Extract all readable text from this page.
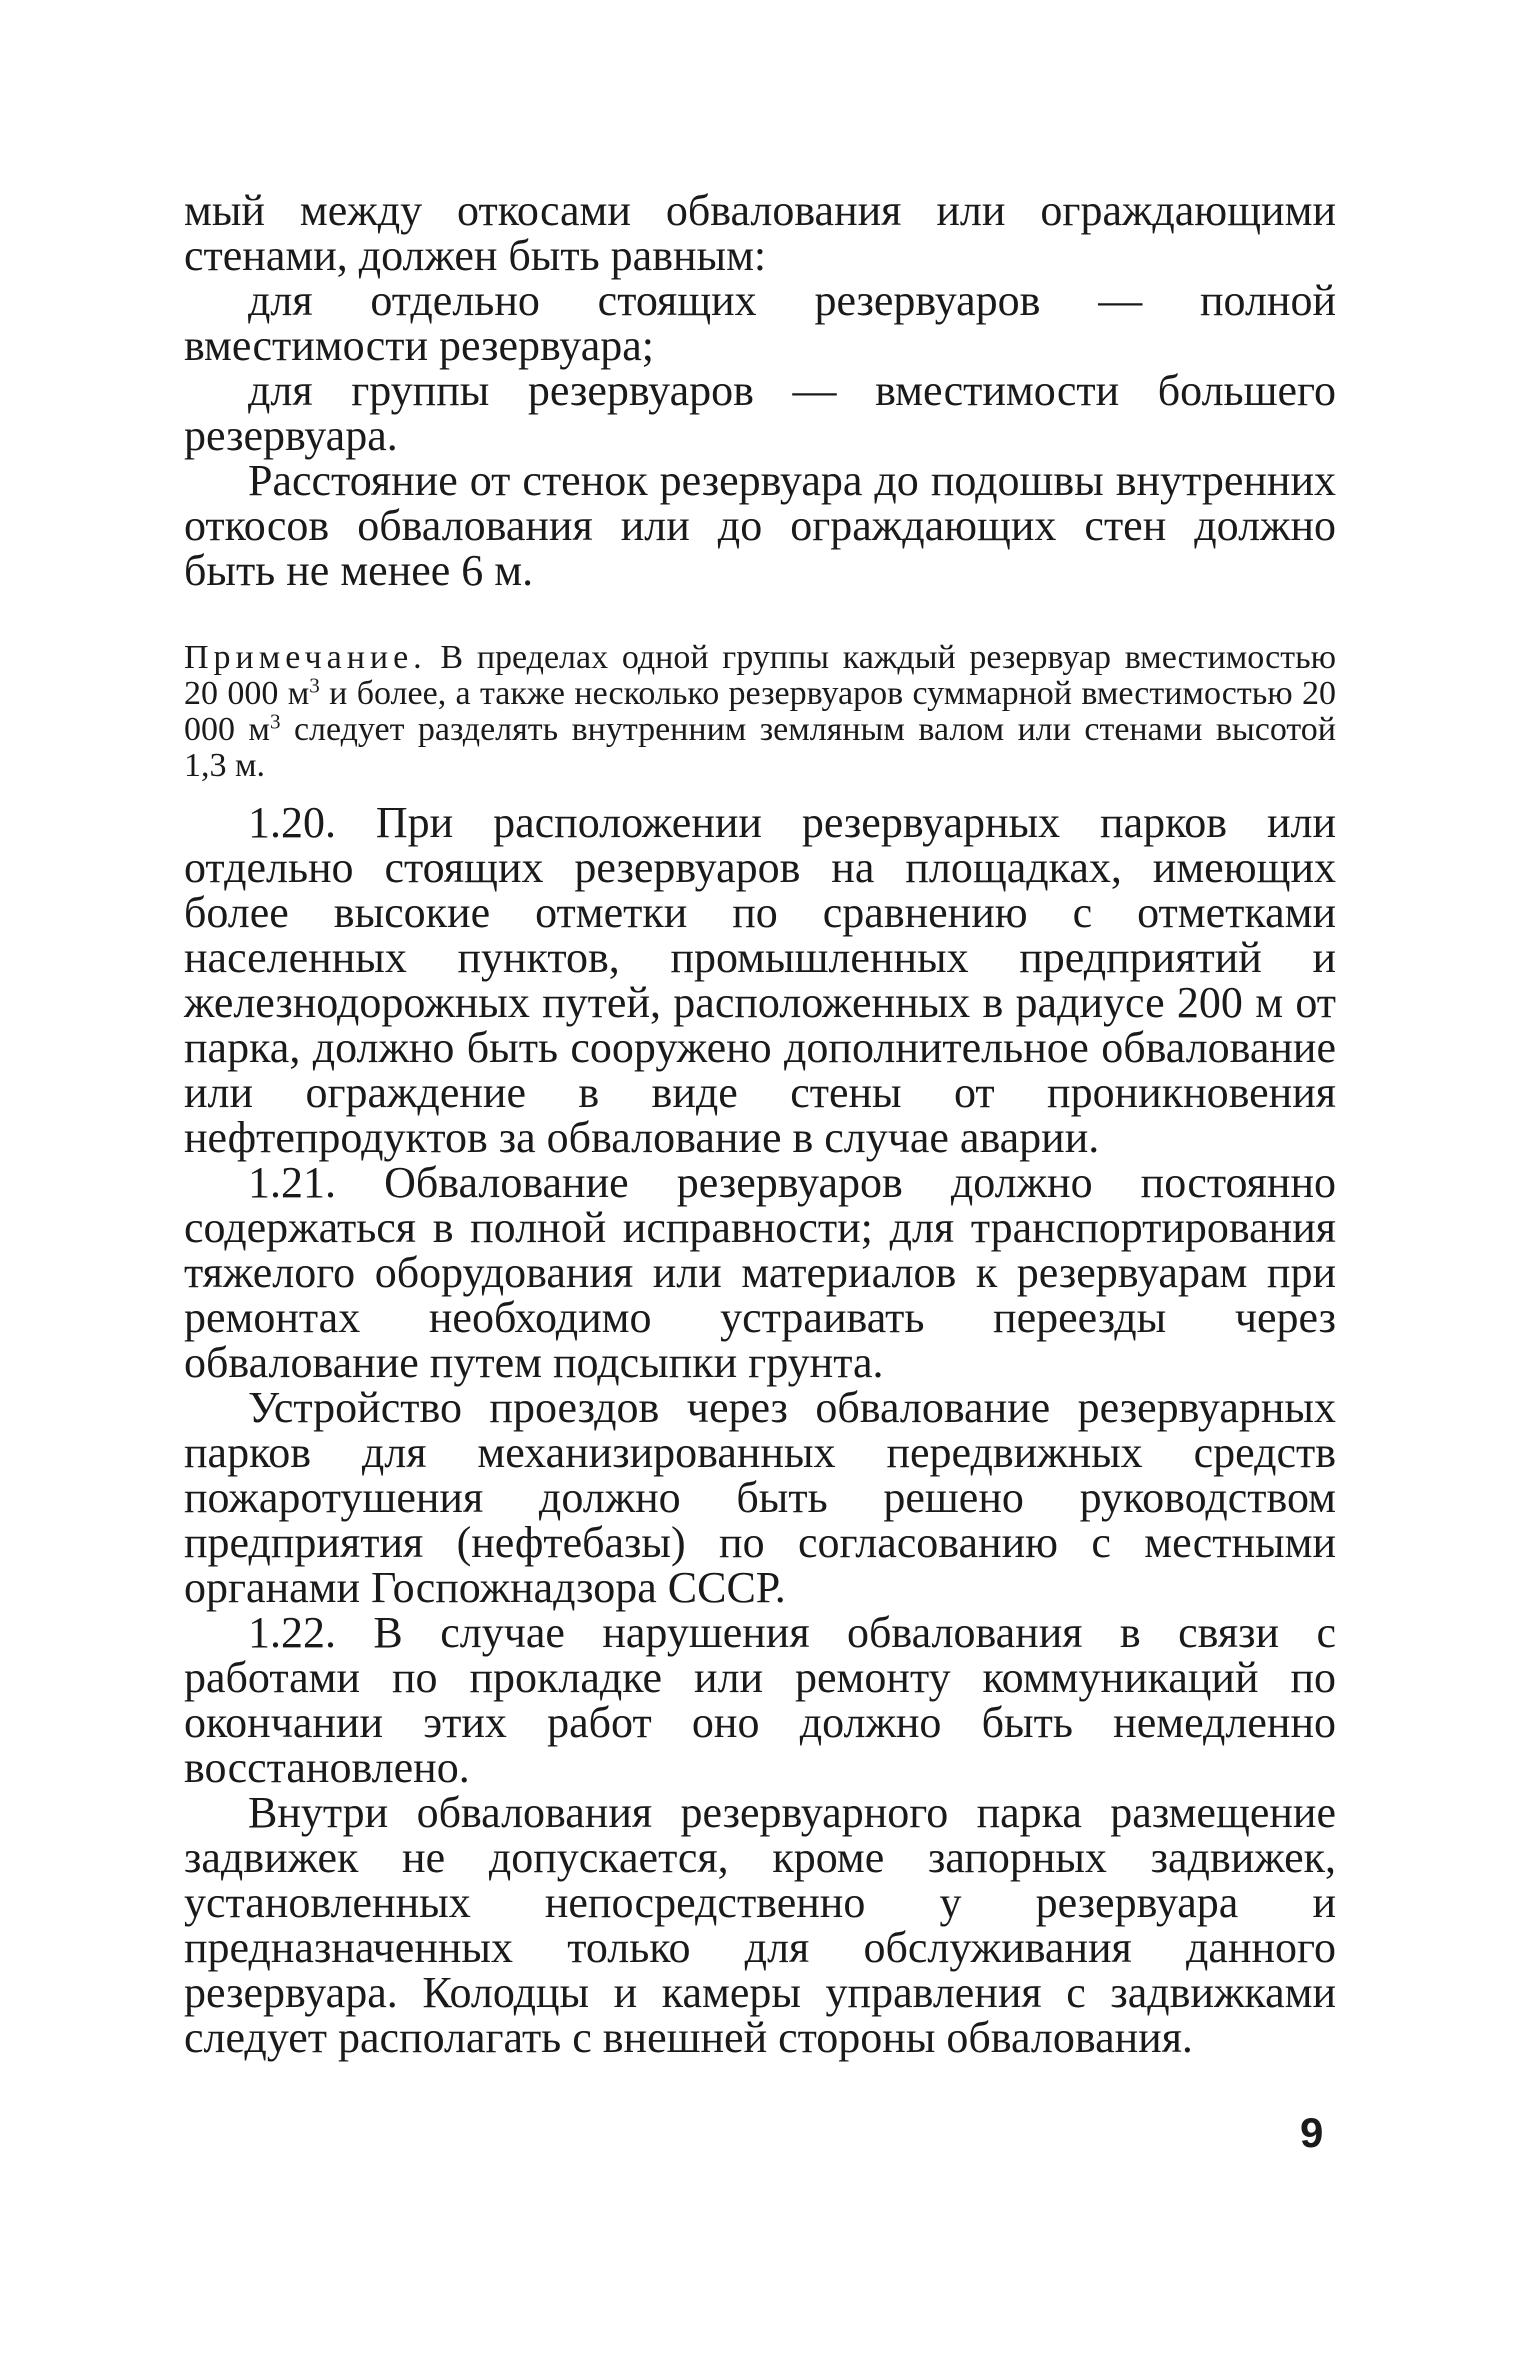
мый между откосами обвалования или ограждающими стенами, должен быть равным:

для отдельно стоящих резервуаров — полной вместимости резервуара;

для группы резервуаров — вместимости большего резервуара.

Расстояние от стенок резервуара до подошвы внутренних откосов обвалования или до ограждающих стен должно быть не менее 6 м.

Примечание. В пределах одной группы каждый резервуар вместимостью 20 000 $м^3$ и более, а также несколько резервуаров суммарной вместимостью 20 000 $м^3$ следует разделять внутренним земляным валом или стенами высотой 1,3 м.

1.20. При расположении резервуарных парков или отдельно стоящих резервуаров на площадках, имеющих более высокие отметки по сравнению с отметками населенных пунктов, промышленных предприятий и железнодорожных путей, расположенных в радиусе 200 м от парка, должно быть сооружено дополнительное обвалование или ограждение в виде стены от проникновения нефтепродуктов за обвалование в случае аварии.

1.21. Обвалование резервуаров должно постоянно содержаться в полной исправности; для транспортирования тяжелого оборудования или материалов к резервуарам при ремонтах необходимо устраивать переезды через обвалование путем подсыпки грунта.

Устройство проездов через обвалование резервуарных парков для механизированных передвижных средств пожаротушения должно быть решено руководством предприятия (нефтебазы) по согласованию с местными органами Госпожнадзора СССР.

1.22. В случае нарушения обвалования в связи с работами по прокладке или ремонту коммуникаций по окончании этих работ оно должно быть немедленно восстановлено.

Внутри обвалования резервуарного парка размещение задвижек не допускается, кроме запорных задвижек, установленных непосредственно у резервуара и предназначенных только для обслуживания данного резервуара. Колодцы и камеры управления с задвижками следует располагать с внешней стороны обвалования.

9
